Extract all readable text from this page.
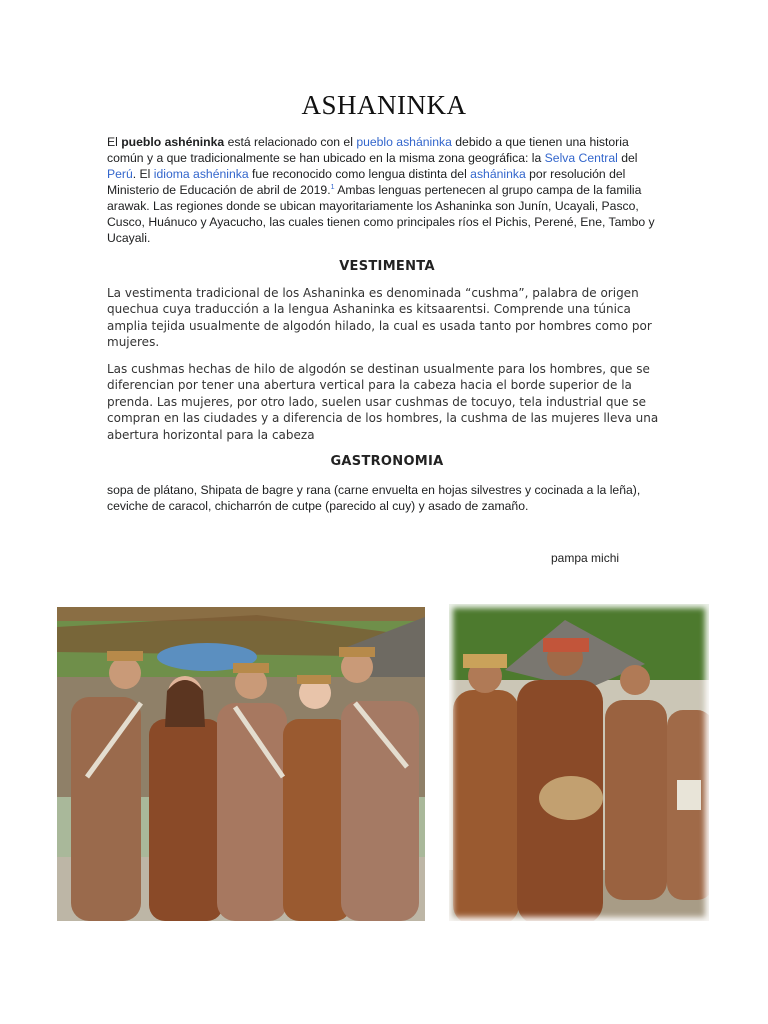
ASHANINKA

El pueblo ashéninka está relacionado con el pueblo asháninka debido a que tienen una historia común y a que tradicionalmente se han ubicado en la misma zona geográfica: la Selva Central del Perú. El idioma ashéninka fue reconocido como lengua distinta del asháninka por resolución del Ministerio de Educación de abril de 2019.$^1$ Ambas lenguas pertenecen al grupo campa de la familia arawak. Las regiones donde se ubican mayoritariamente los Ashaninka son Junín, Ucayali, Pasco, Cusco, Huánuco y Ayacucho, las cuales tienen como principales ríos el Pichis, Perené, Ene, Tambo y Ucayali.

VESTIMENTA

La vestimenta tradicional de los Ashaninka es denominada “cushma”, palabra de origen quechua cuya traducción a la lengua Ashaninka es kitsaarentsi. Comprende una túnica amplia tejida usualmente de algodón hilado, la cual es usada tanto por hombres como por mujeres.

Las cushmas hechas de hilo de algodón se destinan usualmente para los hombres, que se diferencian por tener una abertura vertical para la cabeza hacia el borde superior de la prenda. Las mujeres, por otro lado, suelen usar cushmas de tocuyo, tela industrial que se compran en las ciudades y a diferencia de los hombres, la cushma de las mujeres lleva una abertura horizontal para la cabeza

GASTRONOMIA

sopa de plátano, Shipata de bagre y rana (carne envuelta en hojas silvestres y cocinada a la leña), ceviche de caracol, chicharrón de cutpe (parecido al cuy) y asado de zamaño.

pampa michi
